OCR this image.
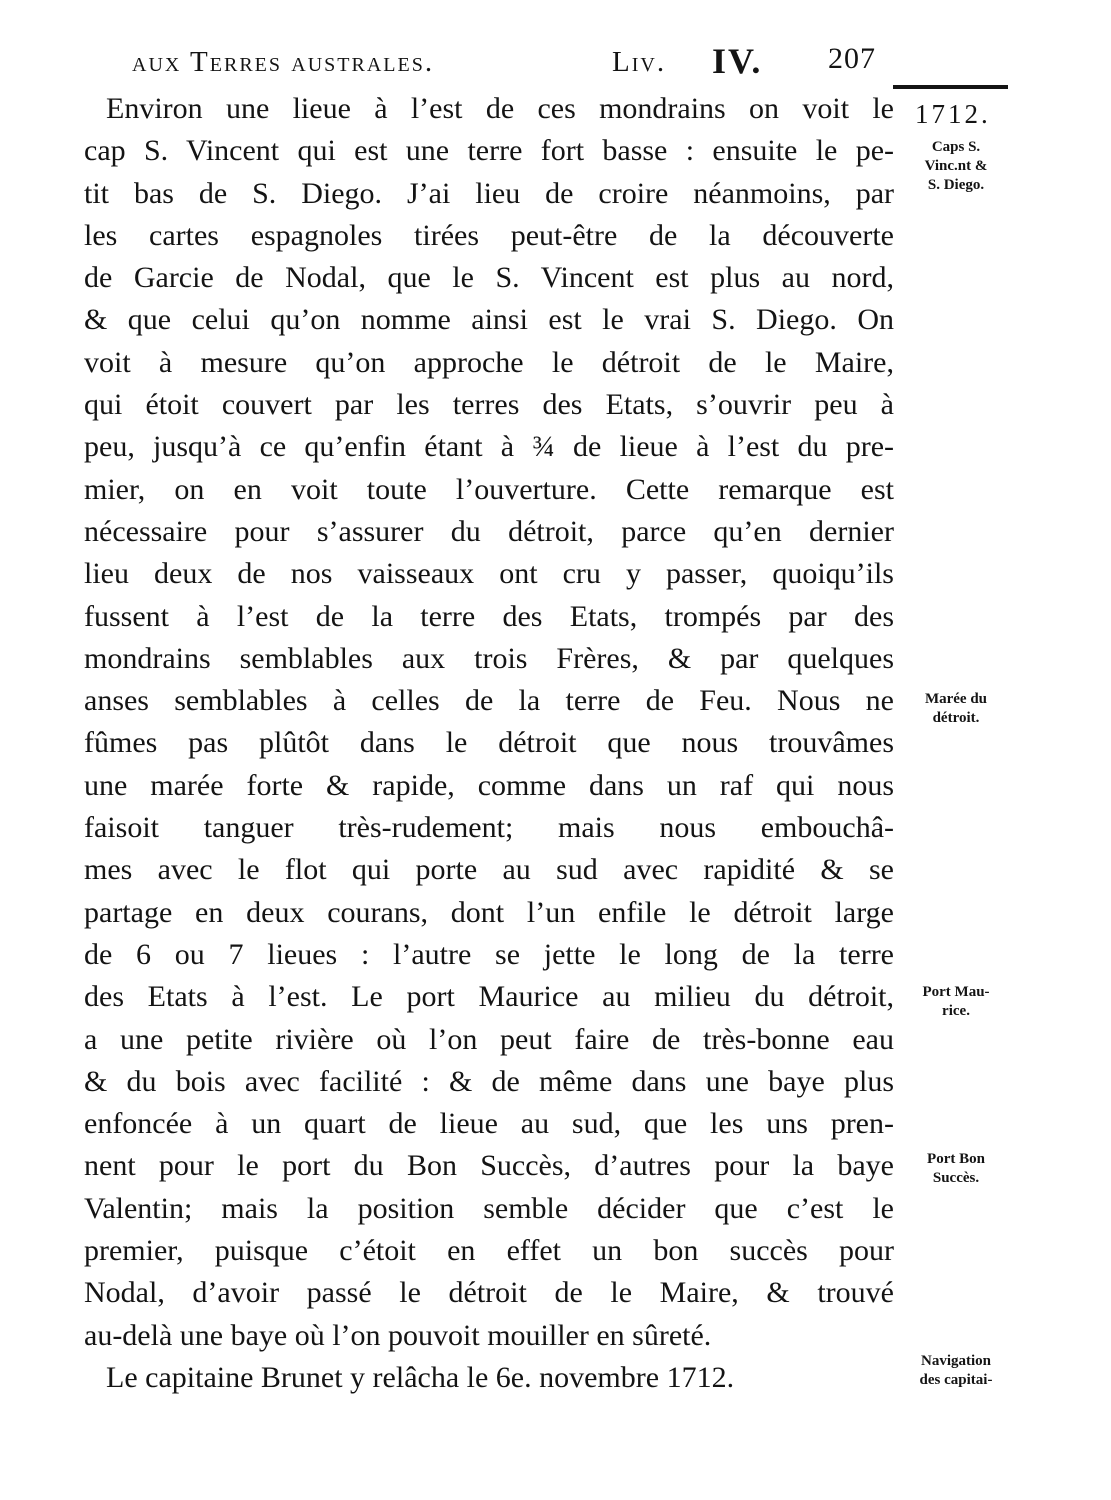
aux Terres australes.	Liv. IV. 207
1712.
Environ une lieue à l’est de ces mondrains on voit le
cap S. Vincent qui est une terre fort basse : ensuite le pe-
tit bas de S. Diego. J’ai lieu de croire néanmoins, par
les cartes espagnoles tirées peut-être de la découverte
de Garcie de Nodal, que le S. Vincent est plus au nord,
& que celui qu’on nomme ainsi est le vrai S. Diego. On
voit à mesure qu’on approche le détroit de le Maire,
qui étoit couvert par les terres des Etats, s’ouvrir peu à
peu, jusqu’à ce qu’enfin étant à ¾ de lieue à l’est du pre-
mier, on en voit toute l’ouverture. Cette remarque est
nécessaire pour s’assurer du détroit, parce qu’en dernier
lieu deux de nos vaisseaux ont cru y passer, quoiqu’ils
fussent à l’est de la terre des Etats, trompés par des
mondrains semblables aux trois Frères, & par quelques
anses semblables à celles de la terre de Feu. Nous ne
fûmes pas plûtôt dans le détroit que nous trouvâmes
une marée forte & rapide, comme dans un raf qui nous
faisoit tanguer très-rudement; mais nous embouchâ-
mes avec le flot qui porte au sud avec rapidité & se
partage en deux courans, dont l’un enfile le détroit large
de 6 ou 7 lieues : l’autre se jette le long de la terre
des Etats à l’est. Le port Maurice au milieu du détroit,
a une petite rivière où l’on peut faire de très-bonne eau
& du bois avec facilité : & de même dans une baye plus
enfoncée à un quart de lieue au sud, que les uns pren-
nent pour le port du Bon Succès, d’autres pour la baye
Valentin; mais la position semble décider que c’est le
premier, puisque c’étoit en effet un bon succès pour
Nodal, d’avoir passé le détroit de le Maire, & trouvé
au-delà une baye où l’on pouvoit mouiller en sûreté.
Le capitaine Brunet y relâcha le 6e. novembre 1712.
Caps S.
Vinc.nt &
S. Diego.
Marée du
détroit.
Port Mau-
rice.
Port Bon
Succès.
Navigation
des capitai-
